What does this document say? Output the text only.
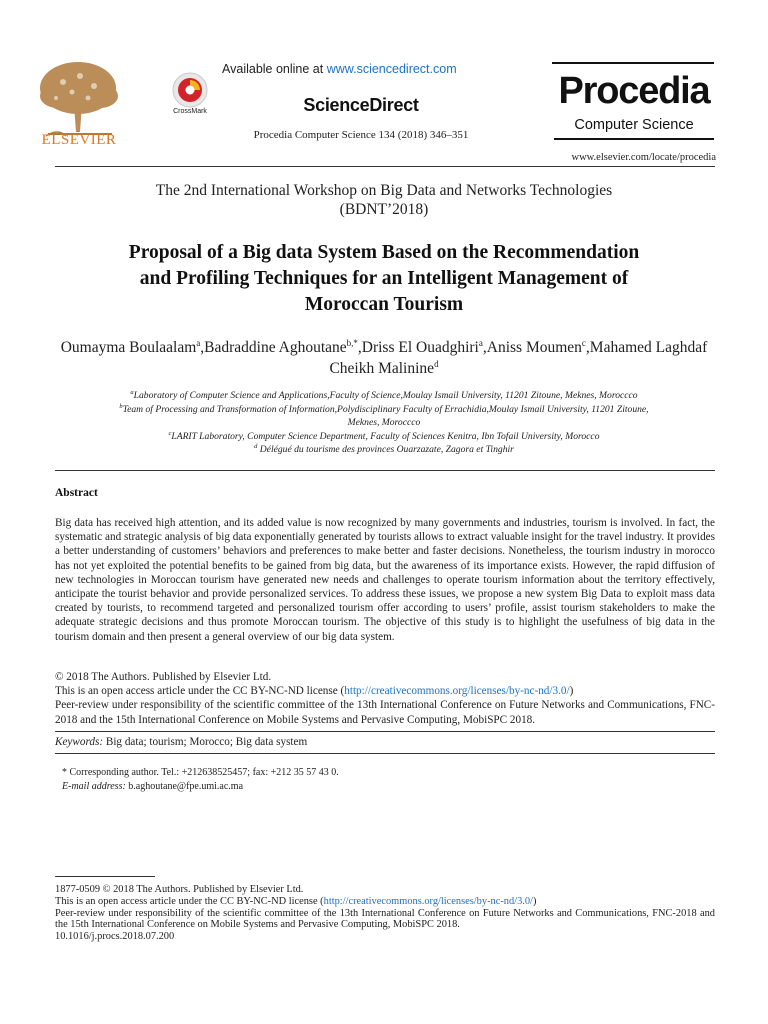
ELSEVIER
CrossMark
Available online at www.sciencedirect.com
ScienceDirect
Procedia Computer Science 134 (2018) 346–351
Procedia
Computer Science
www.elsevier.com/locate/procedia
The 2nd International Workshop on Big Data and Networks Technologies
(BDNT’2018)
Proposal of a Big data System Based on the Recommendation
and Profiling Techniques for an Intelligent Management of
Moroccan Tourism
Oumayma Boulaalam$^a$,Badraddine Aghoutane$^{b,*}$,Driss El Ouadghiri$^a$,Aniss Moumen$^c$,Mahamed Laghdaf Cheikh Malinine$^d$
$^a$Laboratory of Computer Science and Applications,Faculty of Science,Moulay Ismail University, 11201 Zitoune, Meknes, Moroccco
$^b$Team of Processing and Transformation of Information,Polydisciplinary Faculty of Errachidia,Moulay Ismail University, 11201 Zitoune,
Meknes, Moroccco
$^c$LARIT Laboratory, Computer Science Department, Faculty of Sciences Kenitra, Ibn Tofail University, Morocco
$^d$ Délégué du tourisme des provinces Ouarzazate, Zagora et Tinghir
Abstract
Big data has received high attention, and its added value is now recognized by many governments and industries, tourism is involved. In fact, the systematic and strategic analysis of big data exponentially generated by tourists allows to extract valuable insight for the travel industry. It provides a better understanding of customers’ behaviors and preferences to make better and faster decisions. Nonetheless, the tourism industry in morocco has not yet exploited the potential benefits to be gained from big data, but the awareness of its importance exists. However, the rapid diffusion of new technologies in Moroccan tourism have generated new needs and challenges to operate tourism information about the territory effectively, anticipate the tourist behavior and provide personalized services. To address these issues, we propose a new system Big Data to exploit mass data created by tourists, to recommend targeted and personalized tourism offer according to users’ profile, assist tourism stakeholders to make the adequate strategic decisions and thus promote Moroccan tourism. The objective of this study is to highlight the usefulness of big data in the tourism domain and then present a general overview of our big data system.
© 2018 The Authors. Published by Elsevier Ltd.
This is an open access article under the CC BY-NC-ND license (http://creativecommons.org/licenses/by-nc-nd/3.0/)
Peer-review under responsibility of the scientific committee of the 13th International Conference on Future Networks and Communications, FNC-2018 and the 15th International Conference on Mobile Systems and Pervasive Computing, MobiSPC 2018.
Keywords: Big data; tourism; Morocco; Big data system
* Corresponding author. Tel.: +212638525457; fax: +212 35 57 43 0.
E-mail address: b.aghoutane@fpe.umi.ac.ma
1877-0509 © 2018 The Authors. Published by Elsevier Ltd.
This is an open access article under the CC BY-NC-ND license (http://creativecommons.org/licenses/by-nc-nd/3.0/)
Peer-review under responsibility of the scientific committee of the 13th International Conference on Future Networks and Communications, FNC-2018 and the 15th International Conference on Mobile Systems and Pervasive Computing, MobiSPC 2018.
10.1016/j.procs.2018.07.200
